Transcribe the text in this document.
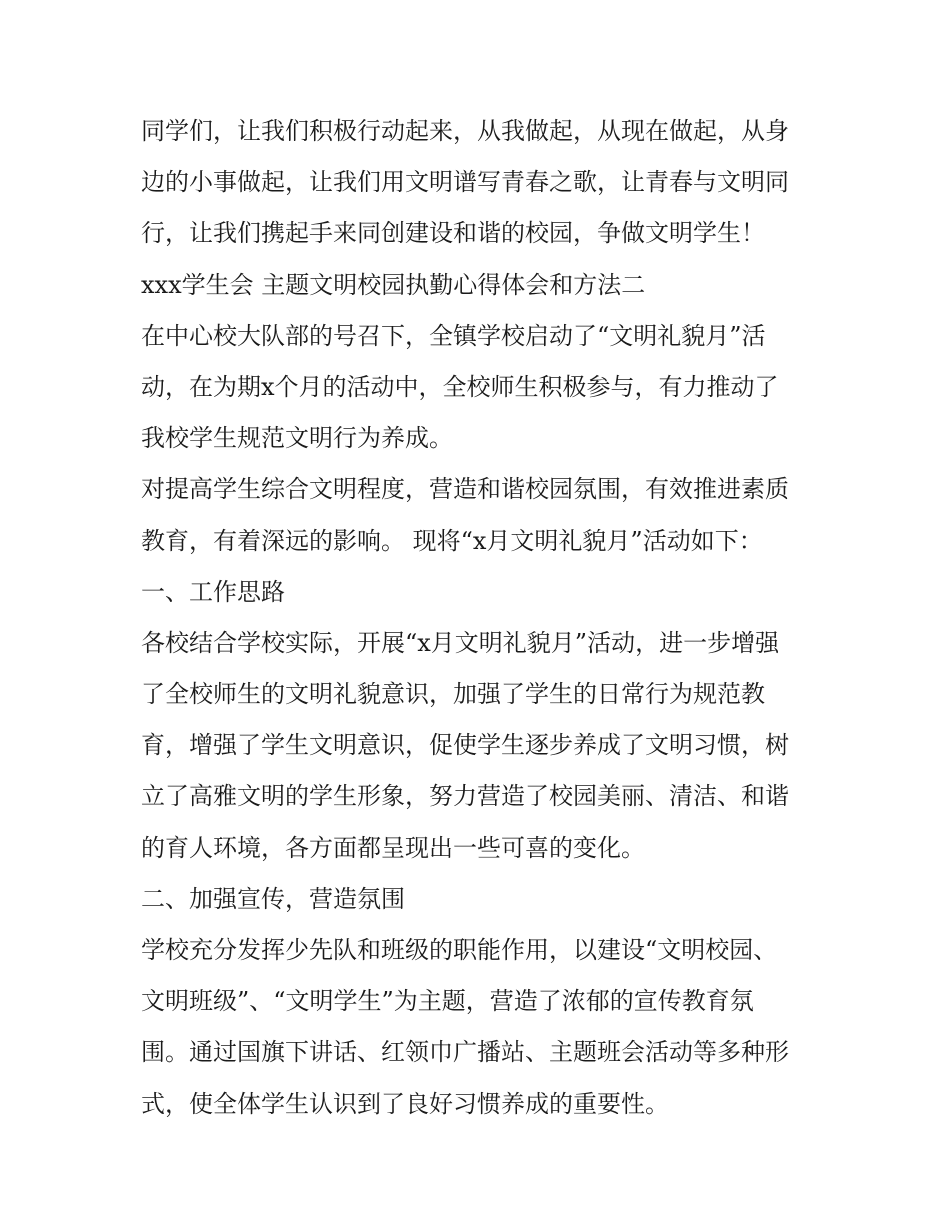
同学们，让我们积极行动起来，从我做起，从现在做起，从身
边的小事做起，让我们用文明谱写青春之歌，让青春与文明同
行，让我们携起手来同创建设和谐的校园，争做文明学生！
xxx学生会 主题文明校园执勤心得体会和方法二
在中心校大队部的号召下，全镇学校启动了“文明礼貌月”活
动，在为期x个月的活动中，全校师生积极参与，有力推动了
我校学生规范文明行为养成。
对提高学生综合文明程度，营造和谐校园氛围，有效推进素质
教育，有着深远的影响。 现将“x月文明礼貌月”活动如下：
一、工作思路
各校结合学校实际，开展“x月文明礼貌月”活动，进一步增强
了全校师生的文明礼貌意识，加强了学生的日常行为规范教
育，增强了学生文明意识，促使学生逐步养成了文明习惯，树
立了高雅文明的学生形象，努力营造了校园美丽、清洁、和谐
的育人环境，各方面都呈现出一些可喜的变化。
二、加强宣传，营造氛围
学校充分发挥少先队和班级的职能作用，以建设“文明校园、
文明班级”、“文明学生”为主题，营造了浓郁的宣传教育氛
围。通过国旗下讲话、红领巾广播站、主题班会活动等多种形
式，使全体学生认识到了良好习惯养成的重要性。
